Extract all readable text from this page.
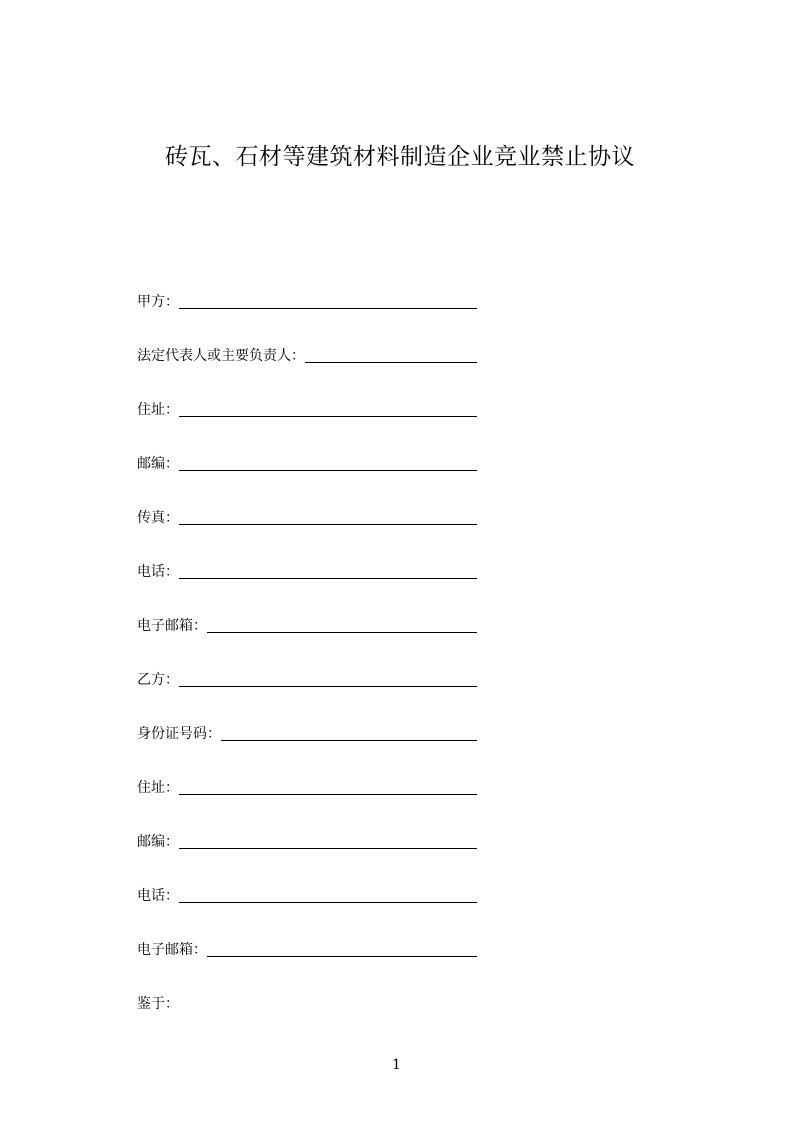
砖瓦、石材等建筑材料制造企业竞业禁止协议
甲方：
法定代表人或主要负责人：
住址：
邮编：
传真：
电话：
电子邮箱：
乙方：
身份证号码：
住址：
邮编：
电话：
电子邮箱：
鉴于：
1
